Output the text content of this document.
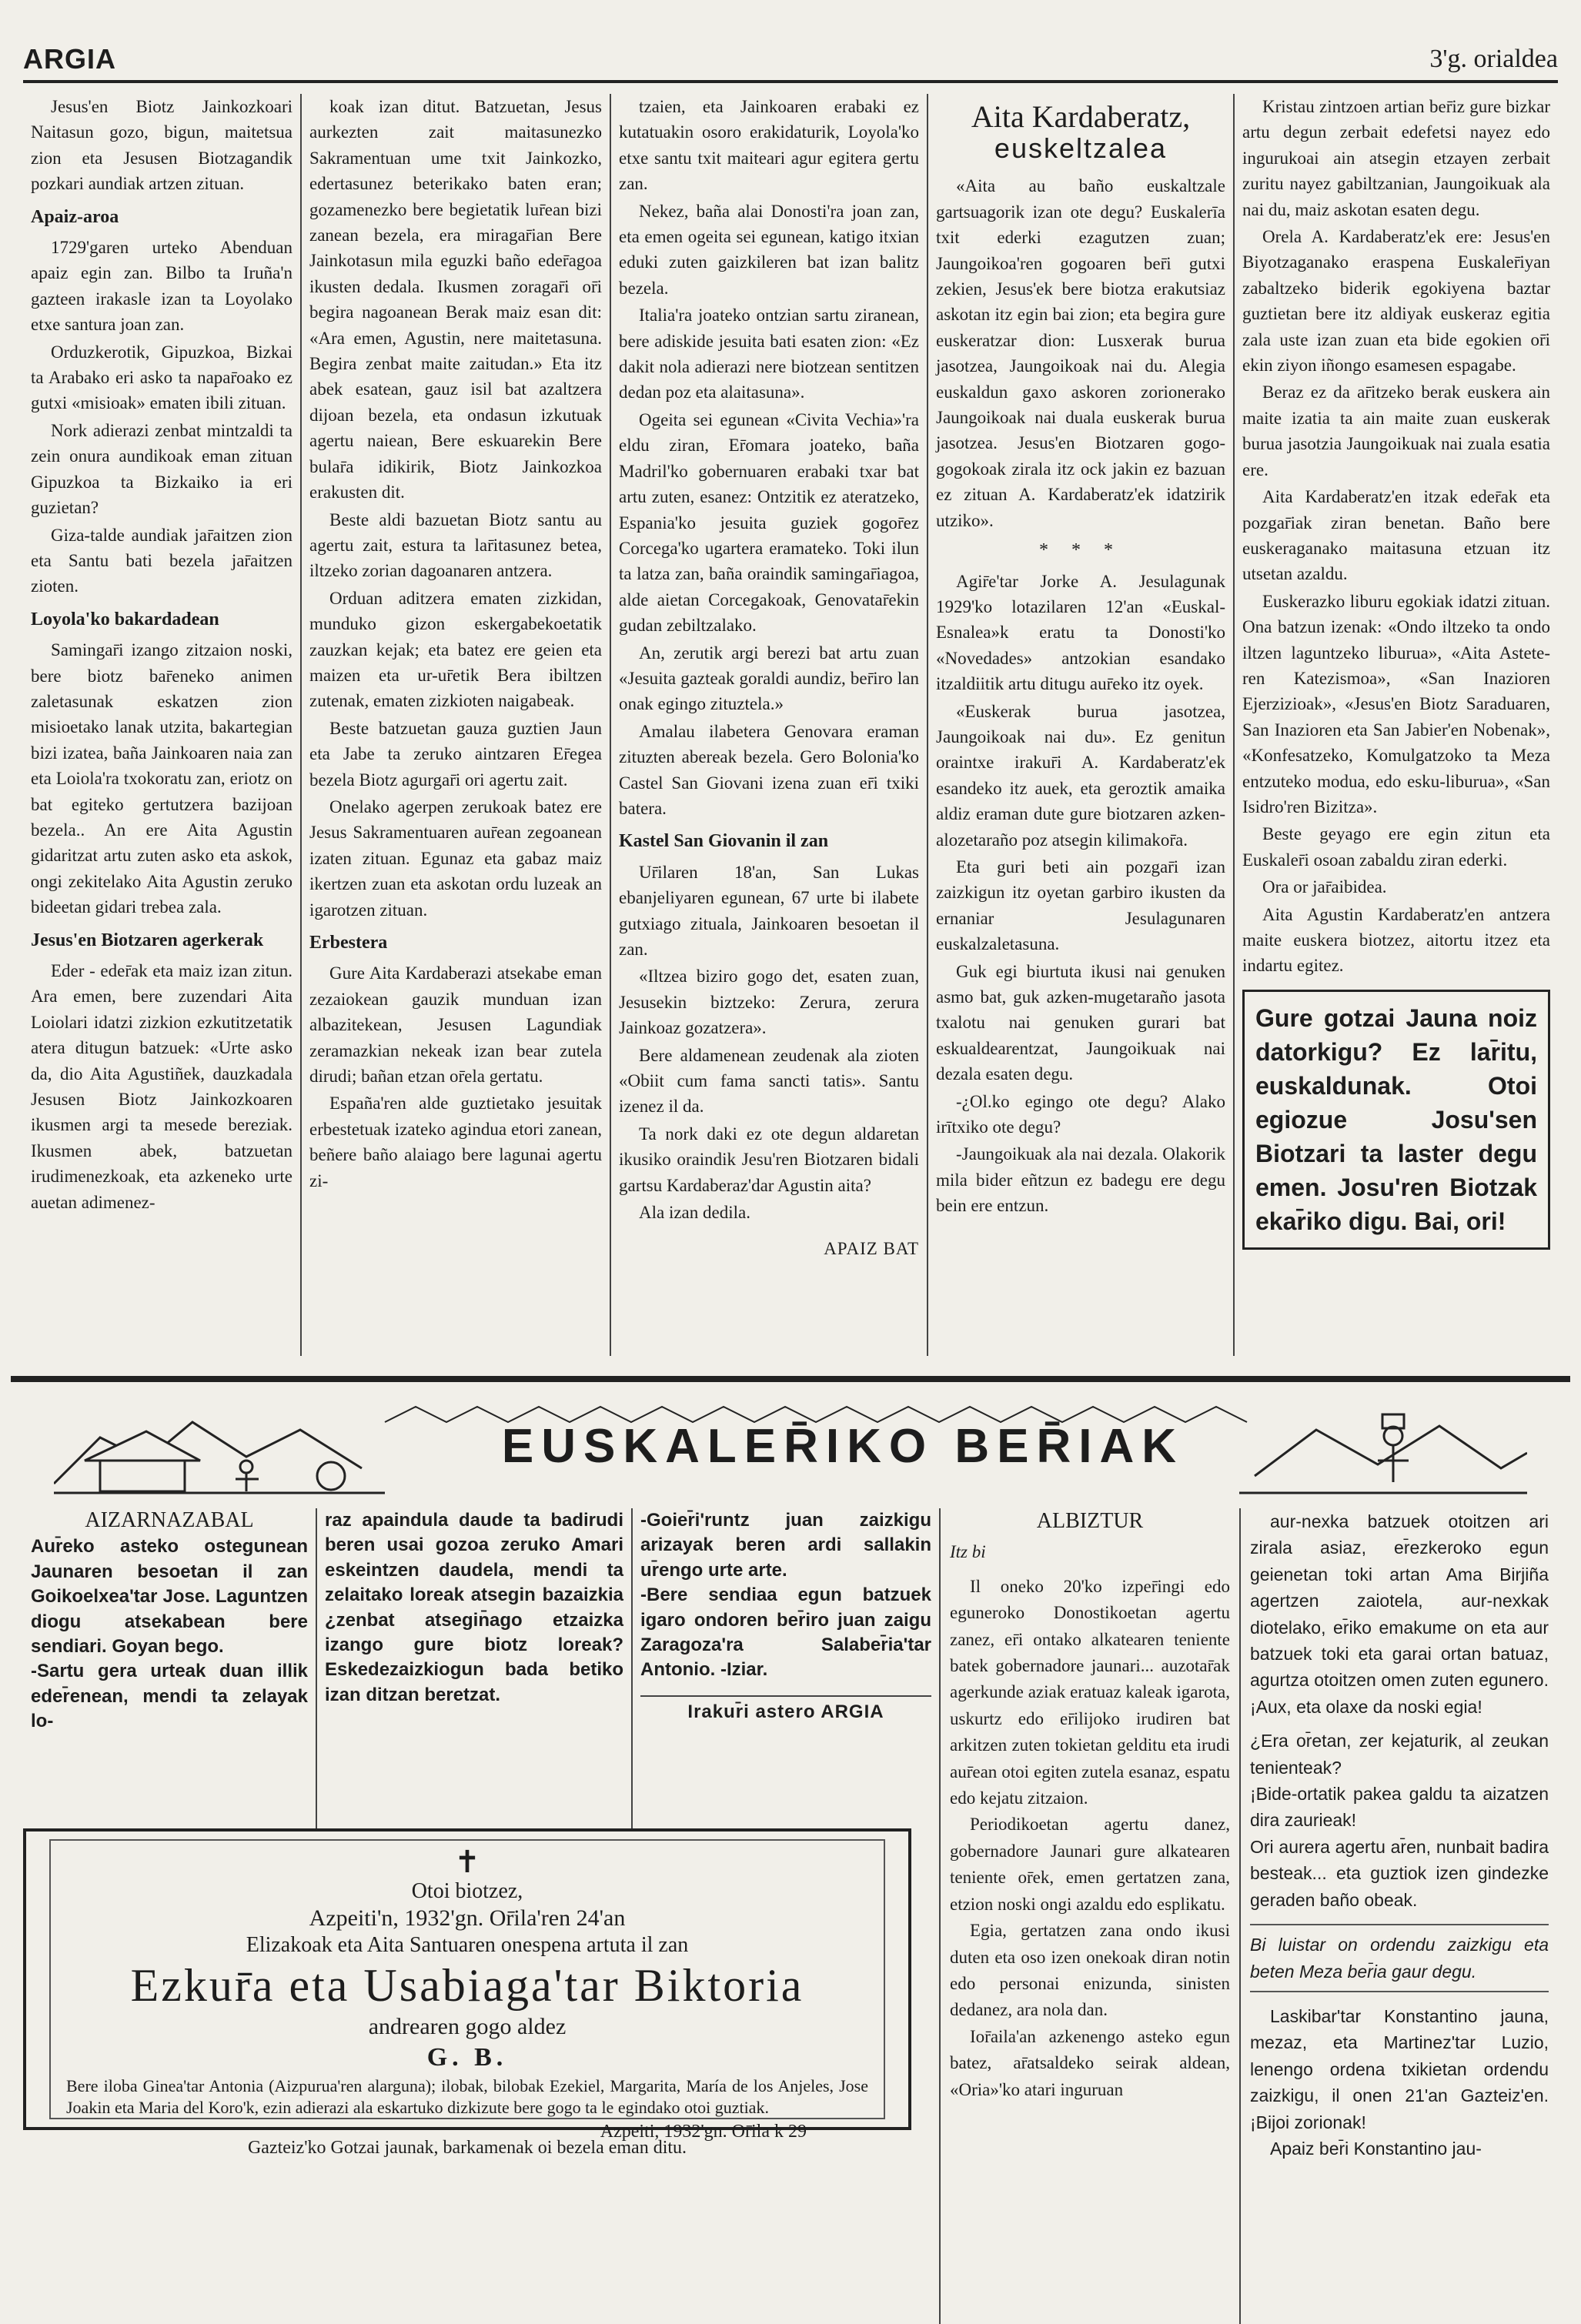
ARGIA	3'g. orialdea

Jesus'en Biotz Jainkozkoari Naitasun gozo, bigun, maitetsua zion eta Jesusen Biotzagandik pozkari aundiak artzen zituan.

Apaiz-aroa

1729'garen urteko Abenduan apaiz egin zan. Bilbo ta Iruña'n gazteen irakasle izan ta Loyolako etxe santura joan zan.

Orduzkerotik, Gipuzkoa, Bizkai ta Arabako eri asko ta napar̄oako ez gutxi «misioak» ematen ibili zituan.

Nork adierazi zenbat mintzaldi ta zein onura aundikoak eman zituan Gipuzkoa ta Bizkaiko ia eri guzietan?

Giza-talde aundiak jar̄aitzen zion eta Santu bati bezela jar̄aitzen zioten.

Loyola'ko bakardadean

Samingar̄i izango zitzaion noski, bere biotz bar̄eneko animen zaletasunak eskatzen zion misioetako lanak utzita, bakartegian bizi izatea, baña Jainkoaren naia zan eta Loiola'ra txokoratu zan, eriotz on bat egiteko gertutzera bazijoan bezela.. An ere Aita Agustin gidaritzat artu zuten asko eta askok, ongi zekitelako Aita Agustin zeruko bideetan gidari trebea zala.

Jesus'en Biotzaren agerkerak

Eder - eder̄ak eta maiz izan zitun. Ara emen, bere zuzendari Aita Loiolari idatzi zizkion ezkutitzetatik atera ditugun batzuek: «Urte asko da, dio Aita Agustiñek, dauzkadala Jesusen Biotz Jainkozkoaren ikusmen argi ta mesede bereziak. Ikusmen abek, batzuetan irudimenezkoak, eta azkeneko urte auetan adimenez-

koak izan ditut. Batzuetan, Jesus aurkezten zait maitasunezko Sakramentuan ume txit Jainkozko, edertasunez beterikako baten eran; gozamenezko bere begietatik lur̄ean bizi zanean bezela, era miragar̄ian Bere Jainkotasun mila eguzki baño eder̄agoa ikusten dedala. Ikusmen zoragar̄i or̄i begira nagoanean Berak maiz esan dit: «Ara emen, Agustin, nere maitetasuna. Begira zenbat maite zaitudan.» Eta itz abek esatean, gauz isil bat azaltzera dijoan bezela, eta ondasun izkutuak agertu naiean, Bere eskuarekin Bere bular̄a idikirik, Biotz Jainkozkoa erakusten dit.

Beste aldi bazuetan Biotz santu au agertu zait, estura ta lar̄itasunez betea, iltzeko zorian dagoanaren antzera.

Orduan aditzera ematen zizkidan, munduko gizon eskergabekoetatik zauzkan kejak; eta batez ere geien eta maizen eta ur-ur̄etik Bera ibiltzen zutenak, ematen zizkioten naigabeak.

Beste batzuetan gauza guztien Jaun eta Jabe ta zeruko aintzaren Er̄egea bezela Biotz agurgar̄i ori agertu zait.

Onelako agerpen zerukoak batez ere Jesus Sakramentuaren aur̄ean zegoanean izaten zituan. Egunaz eta gabaz maiz ikertzen zuan eta askotan ordu luzeak an igarotzen zituan.

Erbestera

Gure Aita Kardaberazi atsekabe eman zezaiokean gauzik munduan izan albazitekean, Jesusen Lagundiak zeramazkian nekeak izan bear zutela dirudi; bañan etzan or̄ela gertatu.

España'ren alde guztietako jesuitak erbestetuak izateko agindua etori zanean, beñere baño alaiago bere lagunai agertu zi-

tzaien, eta Jainkoaren erabaki ez kutatuakin osoro erakidaturik, Loyola'ko etxe santu txit maiteari agur egitera gertu zan.

Nekez, baña alai Donosti'ra joan zan, eta emen ogeita sei egunean, katigo itxian eduki zuten gaizkileren bat izan balitz bezela.

Italia'ra joateko ontzian sartu ziranean, bere adiskide jesuita bati esaten zion: «Ez dakit nola adierazi nere biotzean sentitzen dedan poz eta alaitasuna».

Ogeita sei egunean «Civita Vechia»'ra eldu ziran, Er̄omara joateko, baña Madril'ko gobernuaren erabaki txar bat artu zuten, esanez: Ontzitik ez ateratzeko, Espania'ko jesuita guziek gogor̄ez Corcega'ko ugartera eramateko. Toki ilun ta latza zan, baña oraindik samingar̄iagoa, alde aietan Corcegakoak, Genovatar̄ekin gudan zebiltzalako.

An, zerutik argi berezi bat artu zuan «Jesuita gazteak goraldi aundiz, ber̄iro lan onak egingo zituztela.»

Amalau ilabetera Genovara eraman zituzten abereak bezela. Gero Bolonia'ko Castel San Giovani izena zuan er̄i txiki batera.

Kastel San Giovanin il zan

Ur̄ilaren 18'an, San Lukas ebanjeliyaren egunean, 67 urte bi ilabete gutxiago zituala, Jainkoaren besoetan il zan.

«Iltzea biziro gogo det, esaten zuan, Jesusekin biztzeko: Zerura, zerura Jainkoaz gozatzera».

Bere aldamenean zeudenak ala zioten «Obiit cum fama sancti tatis». Santu izenez il da.

Ta nork daki ez ote degun aldaretan ikusiko oraindik Jesu'ren Biotzaren bidali gartsu Kardaberaz'dar Agustin aita?

Ala izan dedila.

APAIZ BAT

Aita Kardaberatz,
euskeltzalea

«Aita au baño euskaltzale gartsuagorik izan ote degu? Euskalerīa txit ederki ezagutzen zuan; Jaungoikoa'ren gogoaren ber̄i gutxi zekien, Jesus'ek bere biotza erakutsiaz askotan itz egin bai zion; eta begira gure euskeratzar dion: Lusxerak burua jasotzea, Jaungoikoak nai du. Alegia euskaldun gaxo askoren zorionerako Jaungoikoak nai duala euskerak burua jasotzea. Jesus'en Biotzaren gogo-gogokoak zirala itz ock jakin ez bazuan ez zituan A. Kardaberatz'ek idatzirik utziko».

* * *

Agir̄e'tar Jorke A. Jesulagunak 1929'ko lotazilaren 12'an «Euskal-Esnalea»k eratu ta Donosti'ko «Novedades» antzokian esandako itzaldiitik artu ditugu aur̄eko itz oyek.

«Euskerak burua jasotzea, Jaungoikoak nai du». Ez genitun oraintxe irakur̄i A. Kardaberatz'ek esandeko itz auek, eta geroztik amaika aldiz eraman dute gure biotzaren azken-alozetaraño poz atsegin kilimakor̄a.

Eta guri beti ain pozgar̄i izan zaizkigun itz oyetan garbiro ikusten da ernaniar Jesulagunaren euskalzaletasuna.

Guk egi biurtuta ikusi nai genuken asmo bat, guk azken-mugetaraño jasota txalotu nai genuken gurari bat eskualdearentzat, Jaungoikuak nai dezala esaten degu.

-¿Ol.ko egingo ote degu? Alako irītxiko ote degu?

-Jaungoikuak ala nai dezala. Olakorik mila bider eñtzun ez badegu ere degu bein ere entzun.

Kristau zintzoen artian ber̄iz gure bizkar artu degun zerbait edefetsi nayez edo ingurukoai ain atsegin etzayen zerbait zuritu nayez gabiltzanian, Jaungoikuak ala nai du, maiz askotan esaten degu.

Orela A. Kardaberatz'ek ere: Jesus'en Biyotzaganako eraspena Euskaler̄iyan zabaltzeko biderik egokiyena baztar guztietan bere itz aldiyak euskeraz egitia zala uste izan zuan eta bide egokien or̄i ekin ziyon iñongo esamesen espagabe.

Beraz ez da ar̄itzeko berak euskera ain maite izatia ta ain maite zuan euskerak burua jasotzia Jaungoikuak nai zuala esatia ere.

Aita Kardaberatz'en itzak eder̄ak eta pozgar̄iak ziran benetan. Baño bere euskeraganako maitasuna etzuan itz utsetan azaldu.

Euskerazko liburu egokiak idatzi zituan. Ona batzun izenak: «Ondo iltzeko ta ondo iltzen laguntzeko liburua», «Aita Astete-ren Katezismoa», «San Inazioren Ejerzizioak», «Jesus'en Biotz Saraduaren, San Inazioren eta San Jabier'en Nobenak», «Konfesatzeko, Komulgatzoko ta Meza entzuteko modua, edo esku-liburua», «San Isidro'ren Bizitza».

Beste geyago ere egin zitun eta Euskaler̄i osoan zabaldu ziran ederki.

Ora or jar̄aibidea.

Aita Agustin Kardaberatz'en antzera maite euskera biotzez, aitortu itzez eta indartu egitez.

Gure gotzai Jauna noiz datorkigu? Ez lar̄itu, euskaldunak. Otoi egiozue Josu'sen Biotzari ta laster degu emen. Josu'ren Biotzak ekar̄iko digu. Bai, ori!
EUSKALER̄IKO BER̄IAK
AIZARNAZABAL

Aur̄eko asteko ostegunean Jaunaren besoetan il zan Goikoelxea'tar Jose. Laguntzen diogu atsekabean bere sendiari. Goyan bego.

-Sartu gera urteak duan illik eder̄enean, mendi ta zelayak lo-

raz apaindula daude ta badirudi beren usai gozoa zeruko Amari eskeintzen daudela, mendi ta zelaitako loreak atsegin bazaizkia ¿zenbat atsegin̄ago etzaizka izango gure biotz loreak? Eskedezaizkiogun bada betiko izan ditzan beretzat.

-Goier̄i'runtz juan zaizkigu arizayak beren ardi sallakin ur̄engo urte arte.

-Bere sendiaa egun batzuek igaro ondoren ber̄iro juan zaigu Zaragoza'ra Salaber̄ia'tar Antonio. -Iziar.

Irakur̄i astero ARGIA

ALBIZTUR

Itz bi

Il oneko 20'ko izper̄ingi edo eguneroko Donostikoetan agertu zanez, er̄i ontako alkatearen teniente batek gobernadore jaunari... auzotar̄ak agerkunde aziak eratuaz kaleak igarota, uskurtz edo er̄ilijoko irudiren bat arkitzen zuten tokietan gelditu eta irudi aur̄ean otoi egiten zutela esanaz, espatu edo kejatu zitzaion.

Periodikoetan agertu danez, gobernadore Jaunari gure alkatearen teniente or̄ek, emen gertatzen zana, etzion noski ongi azaldu edo esplikatu.

Egia, gertatzen zana ondo ikusi duten eta oso izen onekoak diran notin edo personai enizunda, sinisten dedanez, ara nola dan.

Ior̄aila'an azkenengo asteko egun batez, ar̄atsaldeko seirak aldean, «Oria»'ko atari inguruan

aur-nexka batzuek otoitzen ari zirala asiaz, er̄ezkeroko egun geienetan toki artan Ama Birjiña agertzen zaiotela, aur-nexkak diotelako, er̄iko emakume on eta aur batzuek toki eta garai ortan batuaz, agurtza otoitzen omen zuten egunero. ¡Aux, eta olaxe da noski egia!

¿Era or̄etan, zer kejaturik, al zeukan tenienteak?

¡Bide-ortatik pakea galdu ta aizatzen dira zaurieak!

Ori aurera agertu ar̄en, nunbait badira besteak... eta guztiok izen gindezke geraden baño obeak.

Bi luistar on ordendu zaizkigu eta beten Meza ber̄ia gaur degu.

Laskibar'tar Konstantino jauna, mezaz, eta Martinez'tar Luzio, lenengo ordena txikietan ordendu zaizkigu, il onen 21'an Gazteiz'en. ¡Bijoi zorionak!

Apaiz ber̄i Konstantino jau-

✝
Otoi biotzez,
Azpeiti'n, 1932'gn. Or̄ila'ren 24'an
Elizakoak eta Aita Santuaren onespena artuta il zan
Ezkur̄a eta Usabiaga'tar Biktoria
andrearen gogo aldez
G. B.
Bere iloba Ginea'tar Antonia (Aizpurua'ren alarguna); ilobak, bilobak Ezekiel, Margarita, María de los Anjeles, Jose Joakin eta Maria del Koro'k, ezin adierazi ala eskartuko dizkizute bere gogo ta le egindako otoi guztiak.
Azpeiti, 1932'gn. Or̄ila k 29
Gazteiz'ko Gotzai jaunak, barkamenak oi bezela eman ditu.
